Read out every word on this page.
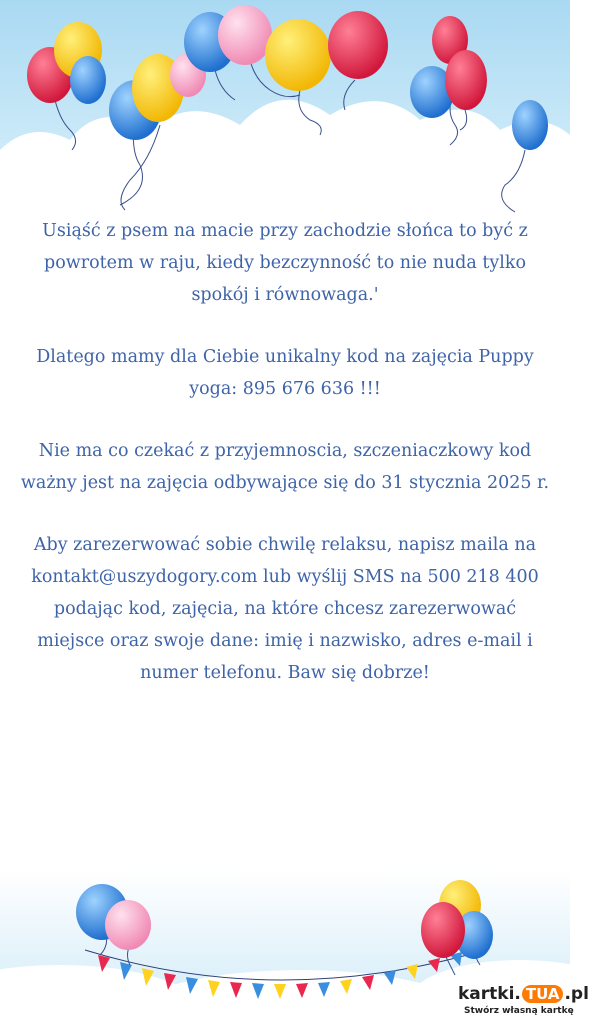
Usiąść z psem na macie przy zachodzie słońca to być z powrotem w raju, kiedy bezczynność to nie nuda tylko spokój i równowaga.'

Dlatego mamy dla Ciebie unikalny kod na zajęcia Puppy yoga: 895 676 636 !!!

Nie ma co czekać z przyjemnoscia, szczeniaczkowy kod ważny jest na zajęcia odbywające się do 31 stycznia 2025 r.

Aby zarezerwować sobie chwilę relaksu, napisz maila na kontakt@uszydogory.com lub wyślij SMS na 500 218 400 podając kod, zajęcia, na które chcesz zarezerwować miejsce oraz swoje dane: imię i nazwisko, adres e-mail i numer telefonu. Baw się dobrze!

kartki. TUA .pl
Stwórz własną kartkę
